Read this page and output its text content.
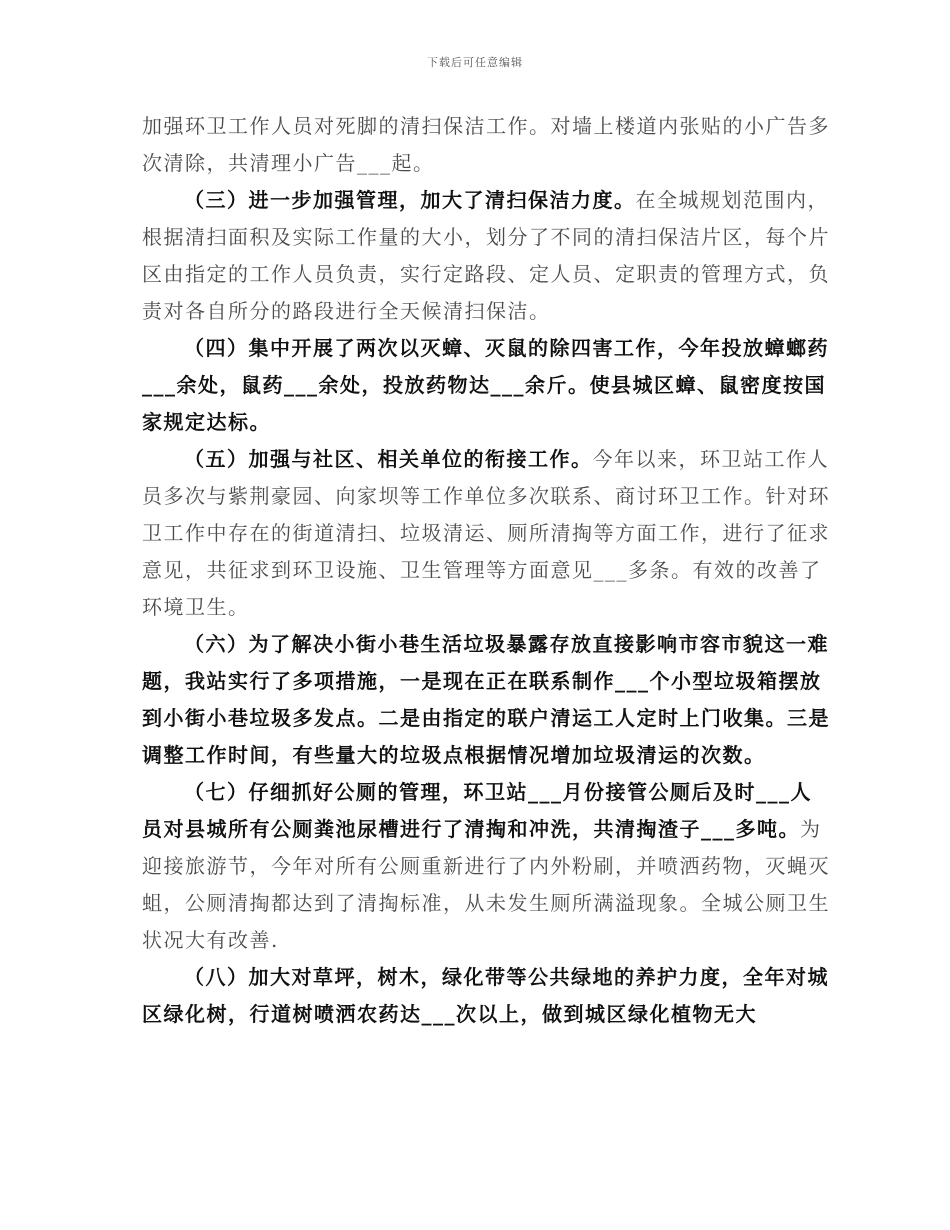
下载后可任意编辑

加强环卫工作人员对死脚的清扫保洁工作。对墙上楼道内张贴的小广告多次清除，共清理小广告___起。

（三）进一步加强管理，加大了清扫保洁力度。在全城规划范围内，根据清扫面积及实际工作量的大小，划分了不同的清扫保洁片区，每个片区由指定的工作人员负责，实行定路段、定人员、定职责的管理方式，负责对各自所分的路段进行全天候清扫保洁。

（四）集中开展了两次以灭蟑、灭鼠的除四害工作，今年投放蟑螂药___余处，鼠药___余处，投放药物达___余斤。使县城区蟑、鼠密度按国家规定达标。

（五）加强与社区、相关单位的衔接工作。今年以来，环卫站工作人员多次与紫荆豪园、向家坝等工作单位多次联系、商讨环卫工作。针对环卫工作中存在的街道清扫、垃圾清运、厕所清掏等方面工作，进行了征求意见，共征求到环卫设施、卫生管理等方面意见___多条。有效的改善了环境卫生。

（六）为了解决小街小巷生活垃圾暴露存放直接影响市容市貌这一难题，我站实行了多项措施，一是现在正在联系制作___个小型垃圾箱摆放到小街小巷垃圾多发点。二是由指定的联户清运工人定时上门收集。三是调整工作时间，有些量大的垃圾点根据情况增加垃圾清运的次数。

（七）仔细抓好公厕的管理，环卫站___月份接管公厕后及时___人员对县城所有公厕粪池尿槽进行了清掏和冲洗，共清掏渣子___多吨。为迎接旅游节，今年对所有公厕重新进行了内外粉刷，并喷洒药物，灭蝇灭蛆，公厕清掏都达到了清掏标准，从未发生厕所满溢现象。全城公厕卫生状况大有改善.

（八）加大对草坪，树木，绿化带等公共绿地的养护力度，全年对城区绿化树，行道树喷洒农药达___次以上，做到城区绿化植物无大
